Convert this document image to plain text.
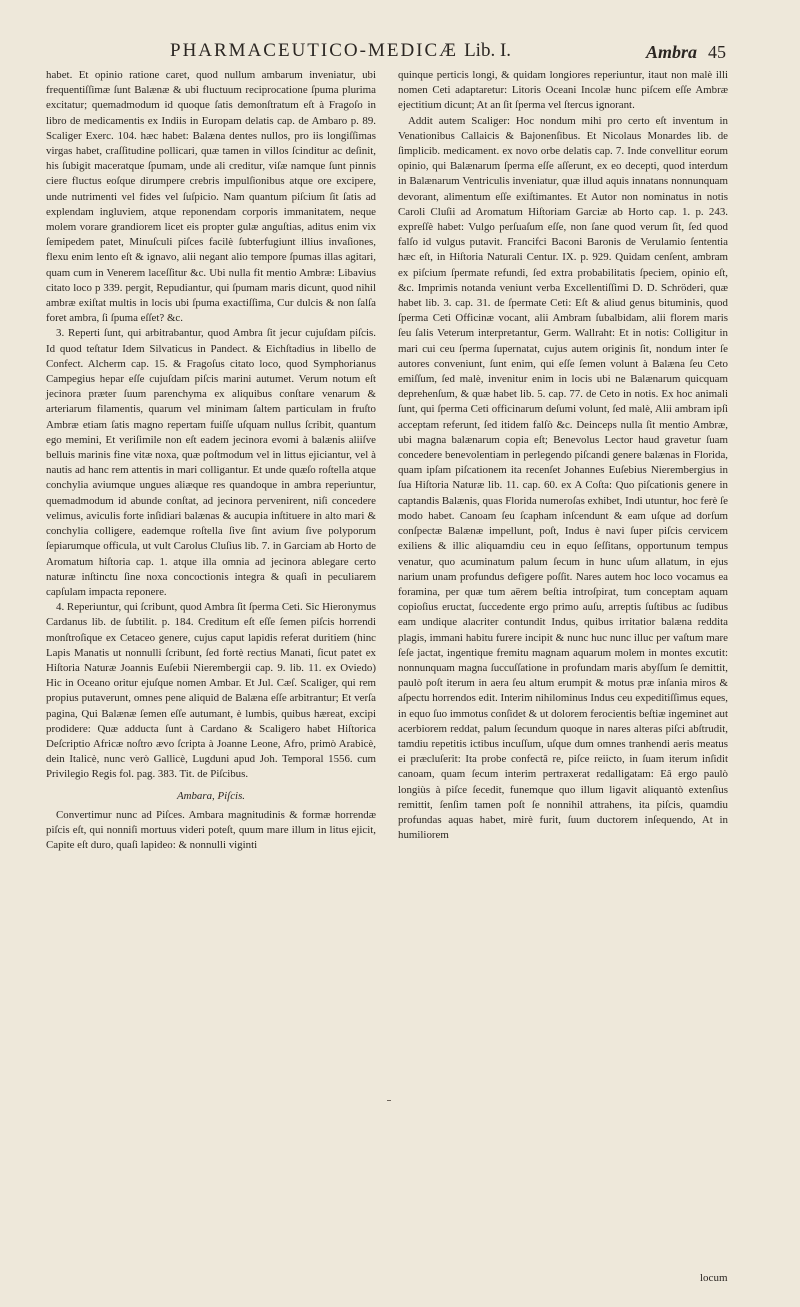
PHARMACEUTICO-MEDICÆ Lib. I.	Ambra 45

habet. Et opinio ratione caret, quod nullum ambarum inveniatur, ubi frequentiſſimæ ſunt Balænæ & ubi fluctuum reciprocatione ſpuma plurima excitatur; quemadmodum id quoque ſatis demonſtratum eſt à Fragoſo in libro de medicamentis ex Indiis in Europam delatis cap. de Ambaro p. 89. Scaliger Exerc. 104. hæc habet: Balæna dentes nullos, pro iis longiſſimas virgas habet, craſſitudine pollicari, quæ tamen in villos ſcinditur ac deſinit, his ſubigit maceratque ſpumam, unde ali creditur, viſæ namque ſunt pinnis ciere fluctus eoſque dirumpere crebris impulſionibus atque ore excipere, unde nutrimenti vel fides vel ſuſpicio. Nam quantum piſcium ſit ſatis ad explendam ingluviem, atque reponendam corporis immanitatem, neque molem vorare grandiorem licet eis propter gulæ anguſtias, aditus enim vix ſemipedem patet, Minuſculi piſces facilè ſubterfugiunt illius invaſiones, flexu enim lento eſt & ignavo, alii negant alio tempore ſpumas illas agitari, quam cum in Venerem laceſſitur &c. Ubi nulla fit mentio Ambræ: Libavius citato loco p 339. pergit, Repudiantur, qui ſpumam maris dicunt, quod nihil ambræ exiſtat multis in locis ubi ſpuma exactiſſima, Cur dulcis & non ſalſa foret ambra, ſi ſpuma eſſet? &c.

3. Reperti ſunt, qui arbitrabantur, quod Ambra ſit jecur cujuſdam piſcis. Id quod teſtatur Idem Silvaticus in Pandect. & Eichſtadius in libello de Confect. Alcherm cap. 15. & Fragoſus citato loco, quod Symphorianus Campegius hepar eſſe cujuſdam piſcis marini autumet. Verum notum eſt jecinora præter ſuum parenchyma ex aliquibus conſtare venarum & arteriarum filamentis, quarum vel minimam ſaltem particulam in fruſto Ambræ etiam ſatis magno repertam fuiſſe uſquam nullus ſcribit, quantum ego memini, Et veriſimile non eſt eadem jecinora evomi à balænis aliiſve belluis marinis fine vitæ noxa, quæ poſtmodum vel in littus ejiciantur, vel à nautis ad hanc rem attentis in mari colligantur. Et unde quæſo roſtella atque conchylia aviumque ungues aliæque res quandoque in ambra reperiuntur, quemadmodum id abunde conſtat, ad jecinora pervenirent, niſi concedere velimus, aviculis forte inſidiari balænas & aucupia inſtituere in alto mari & conchylia colligere, eademque roſtella ſive ſint avium ſive polyporum ſepiarumque officula, ut vult Carolus Cluſius lib. 7. in Garciam ab Horto de Aromatum hiſtoria cap. 1. atque illa omnia ad jecinora ablegare certo naturæ inſtinctu ſine noxa concoctionis integra & quaſi in peculiarem capſulam impacta reponere.

4. Reperiuntur, qui ſcribunt, quod Ambra ſit ſperma Ceti. Sic Hieronymus Cardanus lib. de ſubtilit. p. 184. Creditum eſt eſſe ſemen piſcis horrendi monſtroſique ex Cetaceo genere, cujus caput lapidis referat duritiem (hinc Lapis Manatis ut nonnulli ſcribunt, ſed fortè rectius Manati, ſicut patet ex Hiſtoria Naturæ Joannis Euſebii Nierembergii cap. 9. lib. 11. ex Oviedo) Hic in Oceano oritur ejuſque nomen Ambar. Et Jul. Cæſ. Scaliger, qui rem propius putaverunt, omnes pene aliquid de Balæna eſſe arbitrantur; Et verſa pagina, Qui Balænæ ſemen eſſe autumant, è lumbis, quibus hæreat, excipi prodidere: Quæ adducta ſunt à Cardano & Scaligero habet Hiſtorica Deſcriptio Africæ noſtro ævo ſcripta à Joanne Leone, Afro, primò Arabicè, dein Italicè, nunc verò Gallicè, Lugduni apud Joh. Temporal 1556. cum Privilegio Regis fol. pag. 383. Tit. de Piſcibus.

Ambara, Piſcis.

Convertimur nunc ad Piſces. Ambara magnitudinis & formæ horrendæ piſcis eſt, qui nonniſi mortuus videri poteſt, quum mare illum in litus ejicit, Capite eſt duro, quaſi lapideo: & nonnulli viginti

quinque perticis longi, & quidam longiores reperiuntur, itaut non malè illi nomen Ceti adaptaretur: Litoris Oceani Incolæ hunc piſcem eſſe Ambræ ejectitium dicunt; At an ſit ſperma vel ſtercus ignorant.

Addit autem Scaliger: Hoc nondum mihi pro certo eſt inventum in Venationibus Callaicis & Bajonenſibus. Et Nicolaus Monardes lib. de ſimplicib. medicament. ex novo orbe delatis cap. 7. Inde convellitur eorum opinio, qui Balænarum ſperma eſſe aſſerunt, ex eo decepti, quod interdum in Balænarum Ventriculis inveniatur, quæ illud aquis innatans nonnunquam devorant, alimentum eſſe exiſtimantes. Et Autor non nominatus in notis Caroli Cluſii ad Aromatum Hiſtoriam Garciæ ab Horto cap. 1. p. 243. expreſſè habet: Vulgo perſuaſum eſſe, non ſane quod verum ſit, ſed quod falſo id vulgus putavit. Francifci Baconi Baronis de Verulamio ſententia hæc eſt, in Hiſtoria Naturali Centur. IX. p. 929. Quidam cenſent, ambram ex piſcium ſpermate refundi, ſed extra probabilitatis ſpeciem, opinio eſt, &c. Imprimis notanda veniunt verba Excellentiſſimi D. D. Schröderi, quæ habet lib. 3. cap. 31. de ſpermate Ceti: Eſt & aliud genus bituminis, quod ſperma Ceti Officinæ vocant, alii Ambram ſubalbidam, alii florem maris ſeu ſalis Veterum interpretantur, Germ. Wallraht: Et in notis: Colligitur in mari cui ceu ſperma ſupernatat, cujus autem originis ſit, nondum inter ſe autores conveniunt, ſunt enim, qui eſſe ſemen volunt à Balæna ſeu Ceto emiſſum, ſed malè, invenitur enim in locis ubi ne Balænarum quicquam deprehenſum, & quæ habet lib. 5. cap. 77. de Ceto in notis. Ex hoc animali ſunt, qui ſperma Ceti officinarum deſumi volunt, ſed malè, Alii ambram ipſi acceptam referunt, ſed itidem falſò &c. Deinceps nulla ſit mentio Ambræ, ubi magna balænarum copia eſt; Benevolus Lector haud gravetur ſuam concedere benevolentiam in perlegendo piſcandi genere balænas in Florida, quam ipſam piſcationem ita recenſet Johannes Euſebius Nierembergius in ſua Hiſtoria Naturæ lib. 11. cap. 60. ex A Coſta: Quo piſcationis genere in captandis Balænis, quas Florida numeroſas exhibet, Indi utuntur, hoc ferè ſe modo habet. Canoam ſeu ſcapham inſcendunt & eam uſque ad dorſum conſpectæ Balænæ impellunt, poſt, Indus è navi ſuper piſcis cervicem exiliens & illic aliquamdiu ceu in equo ſeſſitans, opportunum tempus venatur, quo acuminatum palum ſecum in hunc uſum allatum, in ejus narium unam profundus defigere poſſit. Nares autem hoc loco vocamus ea foramina, per quæ tum aërem beſtia introſpirat, tum conceptam aquam copioſius eructat, ſuccedente ergo primo auſu, arreptis ſuſtibus ac ſudibus eam undique alacriter contundit Indus, quibus irritatior balæna reddita plagis, immani habitu furere incipit & nunc huc nunc illuc per vaſtum mare ſeſe jactat, ingentique fremitu magnam aquarum molem in montes excutit: nonnunquam magna ſuccuſſatione in profundam maris abyſſum ſe demittit, paulò poſt iterum in aera ſeu altum erumpit & motus præ inſania miros & aſpectu horrendos edit. Interim nihilominus Indus ceu expeditiſſimus eques, in equo ſuo immotus conſidet & ut dolorem ferocientis beſtiæ ingeminet aut acerbiorem reddat, palum ſecundum quoque in nares alteras piſci abſtrudit, tamdiu repetitis ictibus incuſſum, uſque dum omnes tranhendi aeris meatus ei præcluſerit: Ita probe confectâ re, piſce reiicto, in ſuam iterum inſidit canoam, quam ſecum interim pertraxerat redalligatam: Eâ ergo paulò longiùs à piſce ſecedit, funemque quo illum ligavit aliquantò extenſius remittit, ſenſim tamen poſt ſe nonnihil attrahens, ita piſcis, quamdiu profundas aquas habet, mirè furit, ſuum ductorem inſequendo, At in humiliorem

locum
